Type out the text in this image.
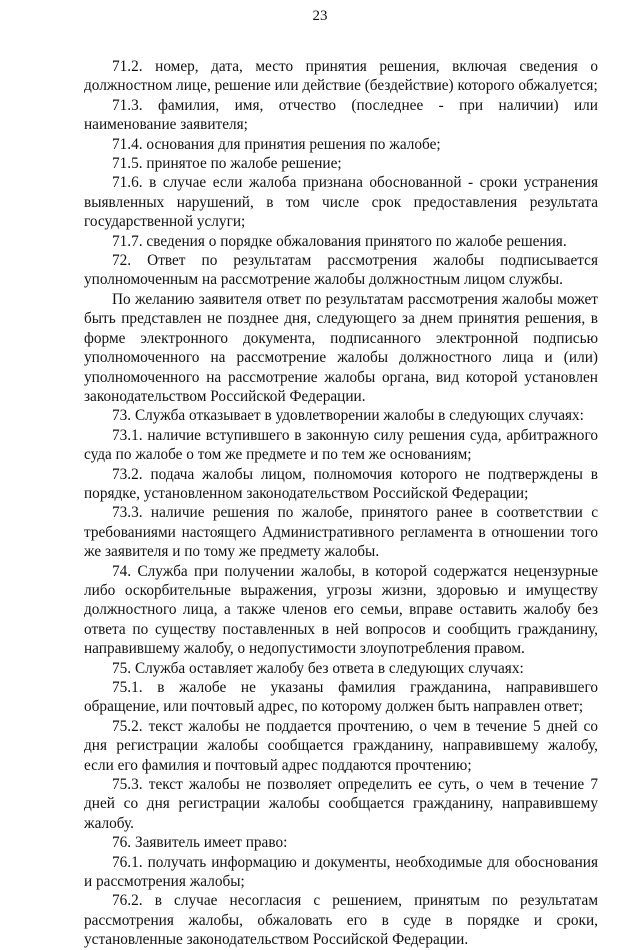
23

71.2. номер, дата, место принятия решения, включая сведения о должностном лице, решение или действие (бездействие) которого обжалуется;

71.3. фамилия, имя, отчество (последнее - при наличии) или наименование заявителя;

71.4. основания для принятия решения по жалобе;

71.5. принятое по жалобе решение;

71.6. в случае если жалоба признана обоснованной - сроки устранения выявленных нарушений, в том числе срок предоставления результата государственной услуги;

71.7. сведения о порядке обжалования принятого по жалобе решения.

72. Ответ по результатам рассмотрения жалобы подписывается уполномоченным на рассмотрение жалобы должностным лицом службы.

По желанию заявителя ответ по результатам рассмотрения жалобы может быть представлен не позднее дня, следующего за днем принятия решения, в форме электронного документа, подписанного электронной подписью уполномоченного на рассмотрение жалобы должностного лица и (или) уполномоченного на рассмотрение жалобы органа, вид которой установлен законодательством Российской Федерации.

73. Служба отказывает в удовлетворении жалобы в следующих случаях:

73.1. наличие вступившего в законную силу решения суда, арбитражного суда по жалобе о том же предмете и по тем же основаниям;

73.2. подача жалобы лицом, полномочия которого не подтверждены в порядке, установленном законодательством Российской Федерации;

73.3. наличие решения по жалобе, принятого ранее в соответствии с требованиями настоящего Административного регламента в отношении того же заявителя и по тому же предмету жалобы.

74. Служба при получении жалобы, в которой содержатся нецензурные либо оскорбительные выражения, угрозы жизни, здоровью и имуществу должностного лица, а также членов его семьи, вправе оставить жалобу без ответа по существу поставленных в ней вопросов и сообщить гражданину, направившему жалобу, о недопустимости злоупотребления правом.

75. Служба оставляет жалобу без ответа в следующих случаях:

75.1. в жалобе не указаны фамилия гражданина, направившего обращение, или почтовый адрес, по которому должен быть направлен ответ;

75.2. текст жалобы не поддается прочтению, о чем в течение 5 дней со дня регистрации жалобы сообщается гражданину, направившему жалобу, если его фамилия и почтовый адрес поддаются прочтению;

75.3. текст жалобы не позволяет определить ее суть, о чем в течение 7 дней со дня регистрации жалобы сообщается гражданину, направившему жалобу.

76. Заявитель имеет право:

76.1. получать информацию и документы, необходимые для обоснования и рассмотрения жалобы;

76.2. в случае несогласия с решением, принятым по результатам рассмотрения жалобы, обжаловать его в суде в порядке и сроки, установленные законодательством Российской Федерации.
